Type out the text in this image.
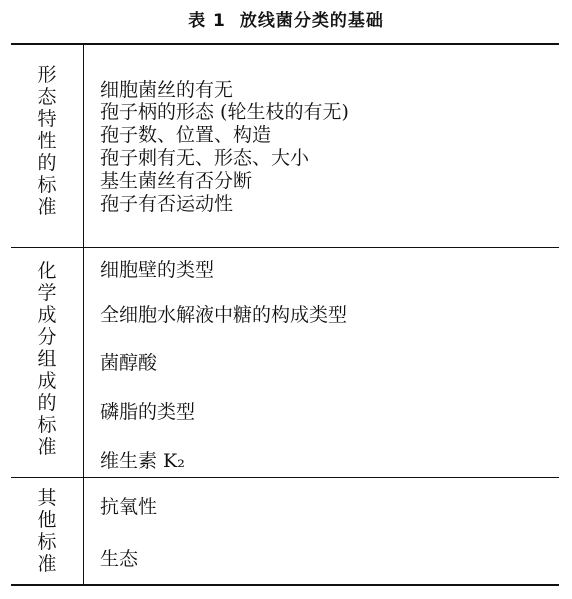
表 1 放线菌分类的基础
形态特性的标准
细胞菌丝的有无
孢子柄的形态 (轮生枝的有无)
孢子数、位置、构造
孢子刺有无、形态、大小
基生菌丝有否分断
孢子有否运动性
化学成分组成的标准
细胞壁的类型
全细胞水解液中糖的构成类型
菌醇酸
磷脂的类型
维生素 K₂
其他标准
抗氧性
生态
